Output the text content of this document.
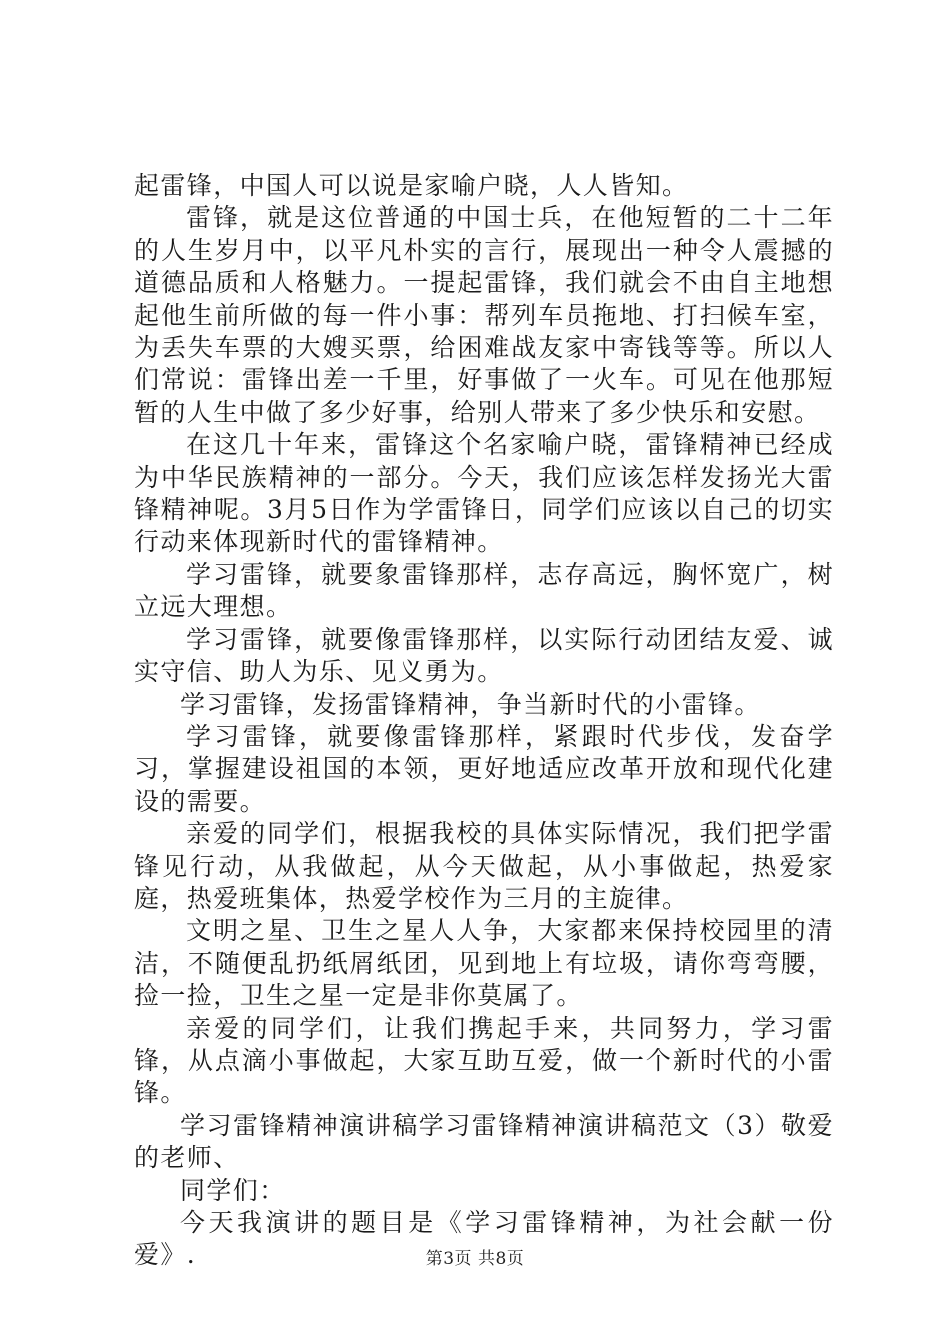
起雷锋，中国人可以说是家喻户晓，人人皆知。

雷锋，就是这位普通的中国士兵，在他短暂的二十二年的人生岁月中，以平凡朴实的言行，展现出一种令人震撼的道德品质和人格魅力。一提起雷锋，我们就会不由自主地想起他生前所做的每一件小事：帮列车员拖地、打扫候车室，为丢失车票的大嫂买票，给困难战友家中寄钱等等。所以人们常说：雷锋出差一千里，好事做了一火车。可见在他那短暂的人生中做了多少好事，给别人带来了多少快乐和安慰。

在这几十年来，雷锋这个名家喻户晓，雷锋精神已经成为中华民族精神的一部分。今天，我们应该怎样发扬光大雷锋精神呢。3月5日作为学雷锋日，同学们应该以自己的切实行动来体现新时代的雷锋精神。

学习雷锋，就要象雷锋那样，志存高远，胸怀宽广，树立远大理想。

学习雷锋，就要像雷锋那样，以实际行动团结友爱、诚实守信、助人为乐、见义勇为。

学习雷锋，发扬雷锋精神，争当新时代的小雷锋。

学习雷锋，就要像雷锋那样，紧跟时代步伐，发奋学习，掌握建设祖国的本领，更好地适应改革开放和现代化建设的需要。

亲爱的同学们，根据我校的具体实际情况，我们把学雷锋见行动，从我做起，从今天做起，从小事做起，热爱家庭，热爱班集体，热爱学校作为三月的主旋律。

文明之星、卫生之星人人争，大家都来保持校园里的清洁，不随便乱扔纸屑纸团，见到地上有垃圾，请你弯弯腰，捡一捡，卫生之星一定是非你莫属了。

亲爱的同学们，让我们携起手来，共同努力，学习雷锋，从点滴小事做起，大家互助互爱，做一个新时代的小雷锋。

学习雷锋精神演讲稿学习雷锋精神演讲稿范文（3）敬爱的老师、

同学们：

今天我演讲的题目是《学习雷锋精神，为社会献一份爱》.	第3页 共8页
